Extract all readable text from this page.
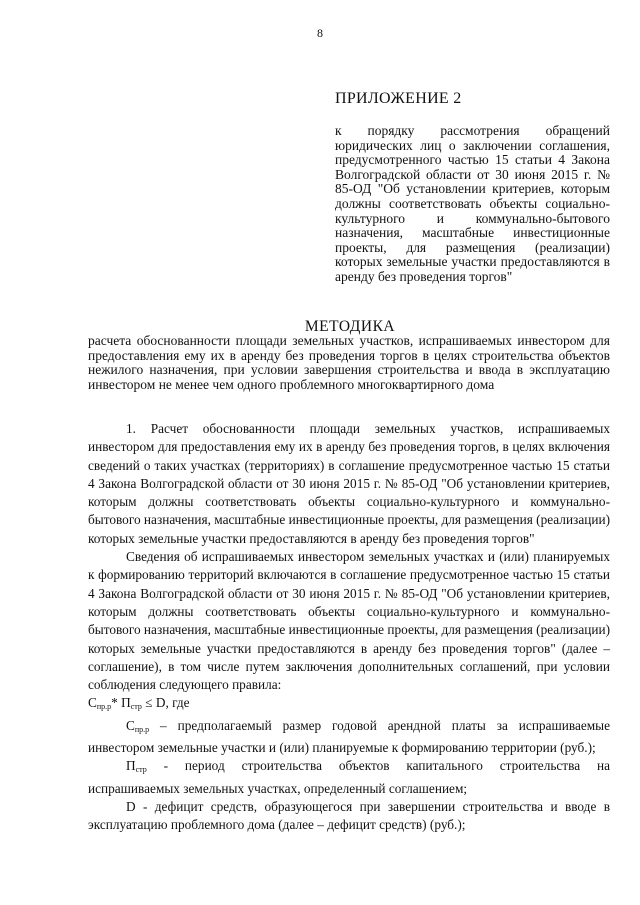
8
ПРИЛОЖЕНИЕ 2
к порядку рассмотрения обращений юридических лиц о заключении соглашения, предусмотренного частью 15 статьи 4 Закона Волгоградской области от 30 июня 2015 г. № 85-ОД "Об установлении критериев, которым должны соответствовать объекты социально-культурного и коммунально-бытового назначения, масштабные инвестиционные проекты, для размещения (реализации) которых земельные участки предоставляются в аренду без проведения торгов"
МЕТОДИКА
расчета обоснованности площади земельных участков, испрашиваемых инвестором для предоставления ему их в аренду без проведения торгов в целях строительства объектов нежилого назначения, при условии завершения строительства и ввода в эксплуатацию инвестором не менее чем одного проблемного многоквартирного дома

1. Расчет обоснованности площади земельных участков, испрашиваемых инвестором для предоставления ему их в аренду без проведения торгов, в целях включения сведений о таких участках (территориях) в соглашение предусмотренное частью 15 статьи 4 Закона Волгоградской области от 30 июня 2015 г. № 85-ОД "Об установлении критериев, которым должны соответствовать объекты социально-культурного и коммунально-бытового назначения, масштабные инвестиционные проекты, для размещения (реализации) которых земельные участки предоставляются в аренду без проведения торгов"

Сведения об испрашиваемых инвестором земельных участках и (или) планируемых к формированию территорий включаются в соглашение предусмотренное частью 15 статьи 4 Закона Волгоградской области от 30 июня 2015 г. № 85-ОД "Об установлении критериев, которым должны соответствовать объекты социально-культурного и коммунально-бытового назначения, масштабные инвестиционные проекты, для размещения (реализации) которых земельные участки предоставляются в аренду без проведения торгов" (далее – соглашение), в том числе путем заключения дополнительных соглашений, при условии соблюдения следующего правила:

$С_{пр.р}*$ $П_{стр} \le D$, где

$С_{пр.р}$ – предполагаемый размер годовой арендной платы за испрашиваемые инвестором земельные участки и (или) планируемые к формированию территории (руб.);

$П_{стр}$ - период строительства объектов капитального строительства на испрашиваемых земельных участках, определенный соглашением;

D - дефицит средств, образующегося при завершении строительства и вводе в эксплуатацию проблемного дома (далее – дефицит средств) (руб.);
